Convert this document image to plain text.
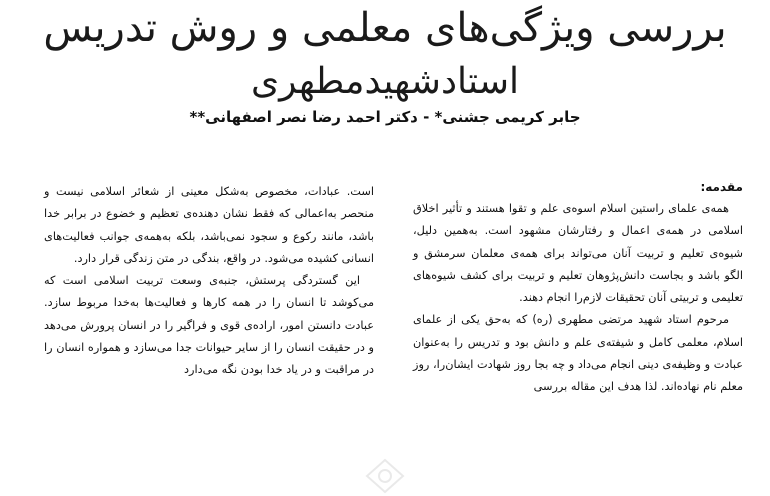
بررسی ویژگی‌های معلمی و روش تدریس
استادشهیدمطهری
جابر کریمی جشنی* - دکتر احمد رضا نصر اصفهانی**

مقدمه:

همه‌ی علمای راستین اسلام اسوه‌ی علم و تقوا هستند و تأثیر اخلاق اسلامی در همه‌ی اعمال و رفتارشان مشهود است. به‌همین دلیل، شیوه‌ی تعلیم و تربیت آنان می‌تواند برای همه‌ی معلمان سرمشق و الگو باشد و بجاست دانش‌پژوهان تعلیم و تربیت برای کشف شیوه‌های تعلیمی و تربیتی آنان تحقیقات لازم‌را انجام دهند.

مرحوم استاد شهید مرتضی مطهری (ره) که به‌حق یکی از علمای اسلام، معلمی کامل و شیفته‌ی علم و دانش بود و تدریس را به‌عنوان عبادت و وظیفه‌ی دینی انجام می‌داد و چه بجا روز شهادت ایشان‌را، روز معلم نام نهاده‌اند. لذا هدف این مقاله بررسی

است. عبادات، مخصوص به‌شکل معینی از شعائر اسلامی نیست و منحصر به‌اعمالی که فقط نشان دهنده‌ی تعظیم و خضوع در برابر خدا باشد، مانند رکوع و سجود نمی‌باشد، بلکه به‌همه‌ی جوانب فعالیت‌های انسانی کشیده می‌شود. در واقع، بندگی در متن زندگی قرار دارد.

این گستردگی پرستش، جنبه‌ی وسعت تربیت اسلامی است که می‌کوشد تا انسان را در همه کارها و فعالیت‌ها به‌خدا مربوط سازد. عبادت دانستن امور، اراده‌ی قوی و فراگیر را در انسان پرورش می‌دهد و در حقیقت انسان را از سایر حیوانات جدا می‌سازد و همواره انسان را در مراقبت و در یاد خدا بودن نگه می‌دارد
